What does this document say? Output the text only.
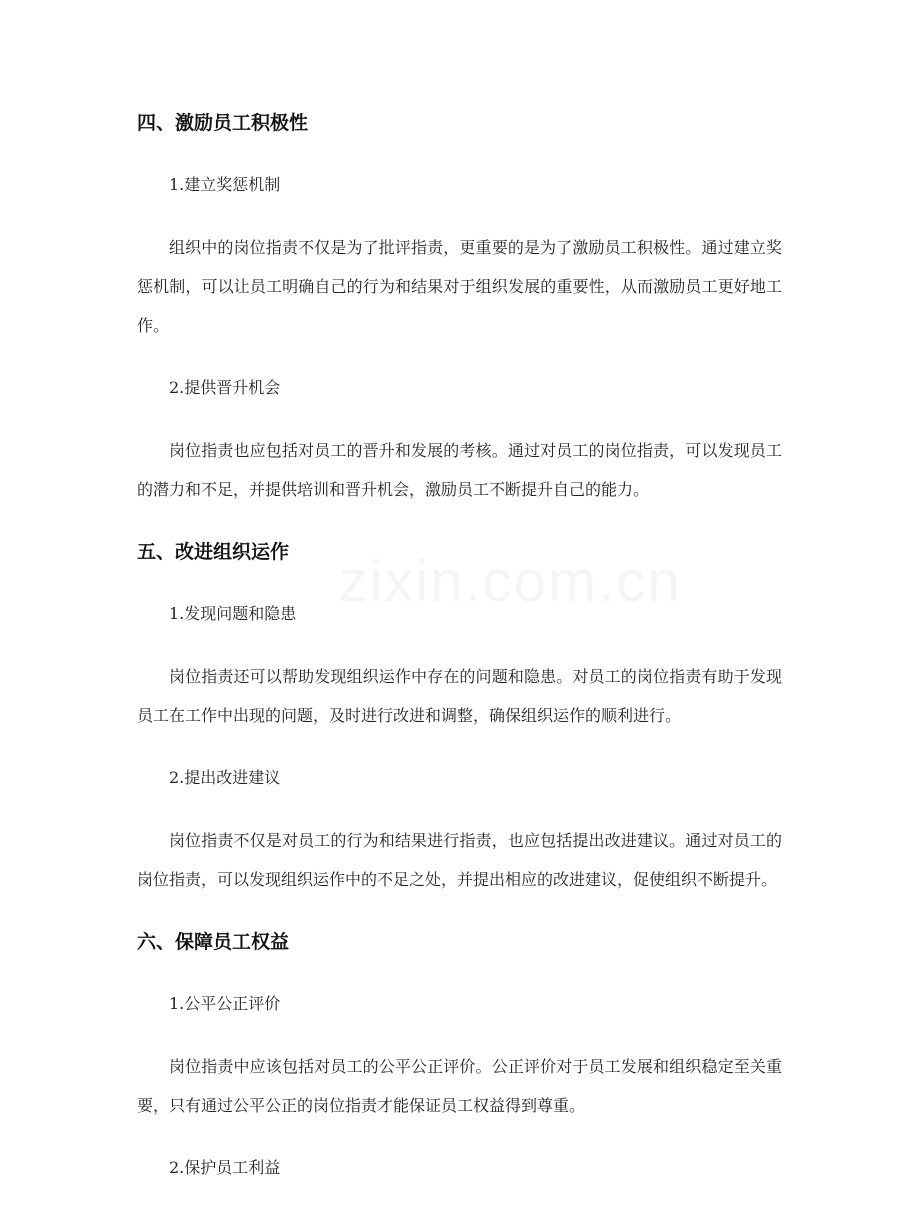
四、激励员工积极性
1.建立奖惩机制

组织中的岗位指责不仅是为了批评指责，更重要的是为了激励员工积极性。通过建立奖惩机制，可以让员工明确自己的行为和结果对于组织发展的重要性，从而激励员工更好地工作。

2.提供晋升机会

岗位指责也应包括对员工的晋升和发展的考核。通过对员工的岗位指责，可以发现员工的潜力和不足，并提供培训和晋升机会，激励员工不断提升自己的能力。

五、改进组织运作
1.发现问题和隐患

岗位指责还可以帮助发现组织运作中存在的问题和隐患。对员工的岗位指责有助于发现员工在工作中出现的问题，及时进行改进和调整，确保组织运作的顺利进行。

2.提出改进建议

岗位指责不仅是对员工的行为和结果进行指责，也应包括提出改进建议。通过对员工的岗位指责，可以发现组织运作中的不足之处，并提出相应的改进建议，促使组织不断提升。

六、保障员工权益
1.公平公正评价

岗位指责中应该包括对员工的公平公正评价。公正评价对于员工发展和组织稳定至关重要，只有通过公平公正的岗位指责才能保证员工权益得到尊重。

2.保护员工利益
